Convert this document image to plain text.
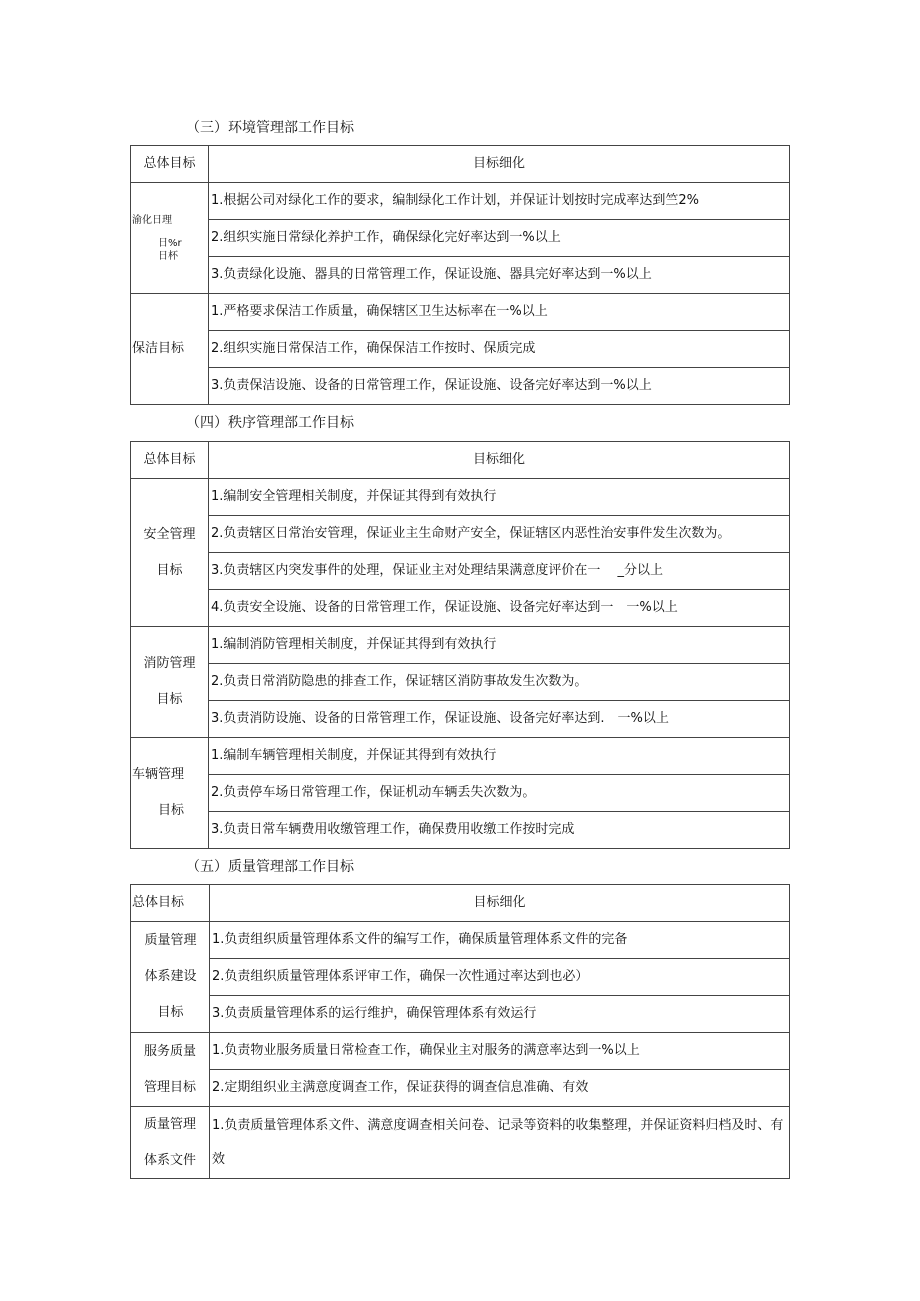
（三）环境管理部工作目标
总体目标	目标细化

渝化日理
日%r
日杯	1.根据公司对绿化工作的要求，编制绿化工作计划，并保证计划按时完成率达到竺2%
	2.组织实施日常绿化养护工作，确保绿化完好率达到一%以上
	3.负责绿化设施、器具的日常管理工作，保证设施、器具完好率达到一%以上
保洁目标	1.严格要求保洁工作质量，确保辖区卫生达标率在一%以上
	2.组织实施日常保洁工作，确保保洁工作按时、保质完成
	3.负责保洁设施、设备的日常管理工作，保证设施、设备完好率达到一%以上
（四）秩序管理部工作目标
总体目标	目标细化

安全管理
目标	1.编制安全管理相关制度，并保证其得到有效执行
	2.负责辖区日常治安管理，保证业主生命财产安全，保证辖区内恶性治安事件发生次数为。
	3.负责辖区内突发事件的处理，保证业主对处理结果满意度评价在一　 _分以上
	4.负责安全设施、设备的日常管理工作，保证设施、设备完好率达到一　一%以上

消防管理
目标	1.编制消防管理相关制度，并保证其得到有效执行
	2.负责日常消防隐患的排查工作，保证辖区消防事故发生次数为。
	3.负责消防设施、设备的日常管理工作，保证设施、设备完好率达到.　一%以上

车辆管理
目标	1.编制车辆管理相关制度，并保证其得到有效执行
	2.负责停车场日常管理工作，保证机动车辆丢失次数为。
	3.负责日常车辆费用收缴管理工作，确保费用收缴工作按时完成
（五）质量管理部工作目标
总体目标	目标细化

质量管理
体系建设
目标	1.负责组织质量管理体系文件的编写工作，确保质量管理体系文件的完备
	2.负责组织质量管理体系评审工作，确保一次性通过率达到也必）
	3.负责质量管理体系的运行维护，确保管理体系有效运行

服务质量
管理目标	1.负责物业服务质量日常检查工作，确保业主对服务的满意率达到一%以上
	2.定期组织业主满意度调查工作，保证获得的调查信息准确、有效

质量管理
体系文件	1.负责质量管理体系文件、满意度调查相关问卷、记录等资料的收集整理，并保证资料归档及时、有效
